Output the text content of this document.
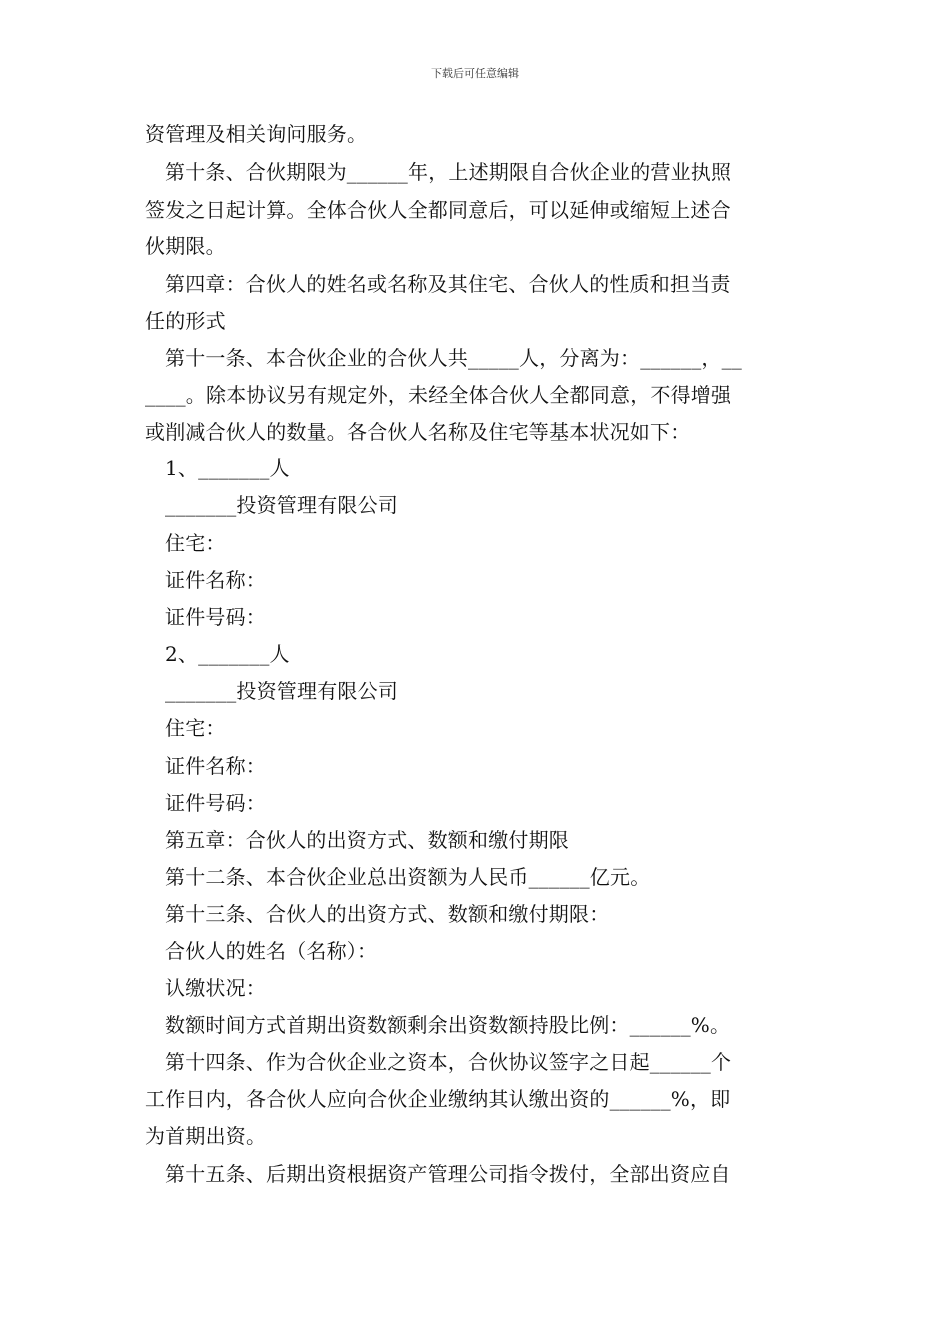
下载后可任意编辑
资管理及相关询问服务。
第十条、合伙期限为______年，上述期限自合伙企业的营业执照
签发之日起计算。全体合伙人全都同意后，可以延伸或缩短上述合
伙期限。
第四章：合伙人的姓名或名称及其住宅、合伙人的性质和担当责
任的形式
第十一条、本合伙企业的合伙人共_____人，分离为：______，__
____。除本协议另有规定外，未经全体合伙人全都同意，不得增强
或削减合伙人的数量。各合伙人名称及住宅等基本状况如下：
1、_______人
_______投资管理有限公司
住宅：
证件名称：
证件号码：
2、_______人
_______投资管理有限公司
住宅：
证件名称：
证件号码：
第五章：合伙人的出资方式、数额和缴付期限
第十二条、本合伙企业总出资额为人民币______亿元。
第十三条、合伙人的出资方式、数额和缴付期限：
合伙人的姓名（名称）：
认缴状况：
数额时间方式首期出资数额剩余出资数额持股比例：______%。
第十四条、作为合伙企业之资本，合伙协议签字之日起______个
工作日内，各合伙人应向合伙企业缴纳其认缴出资的______%，即
为首期出资。
第十五条、后期出资根据资产管理公司指令拨付，全部出资应自
